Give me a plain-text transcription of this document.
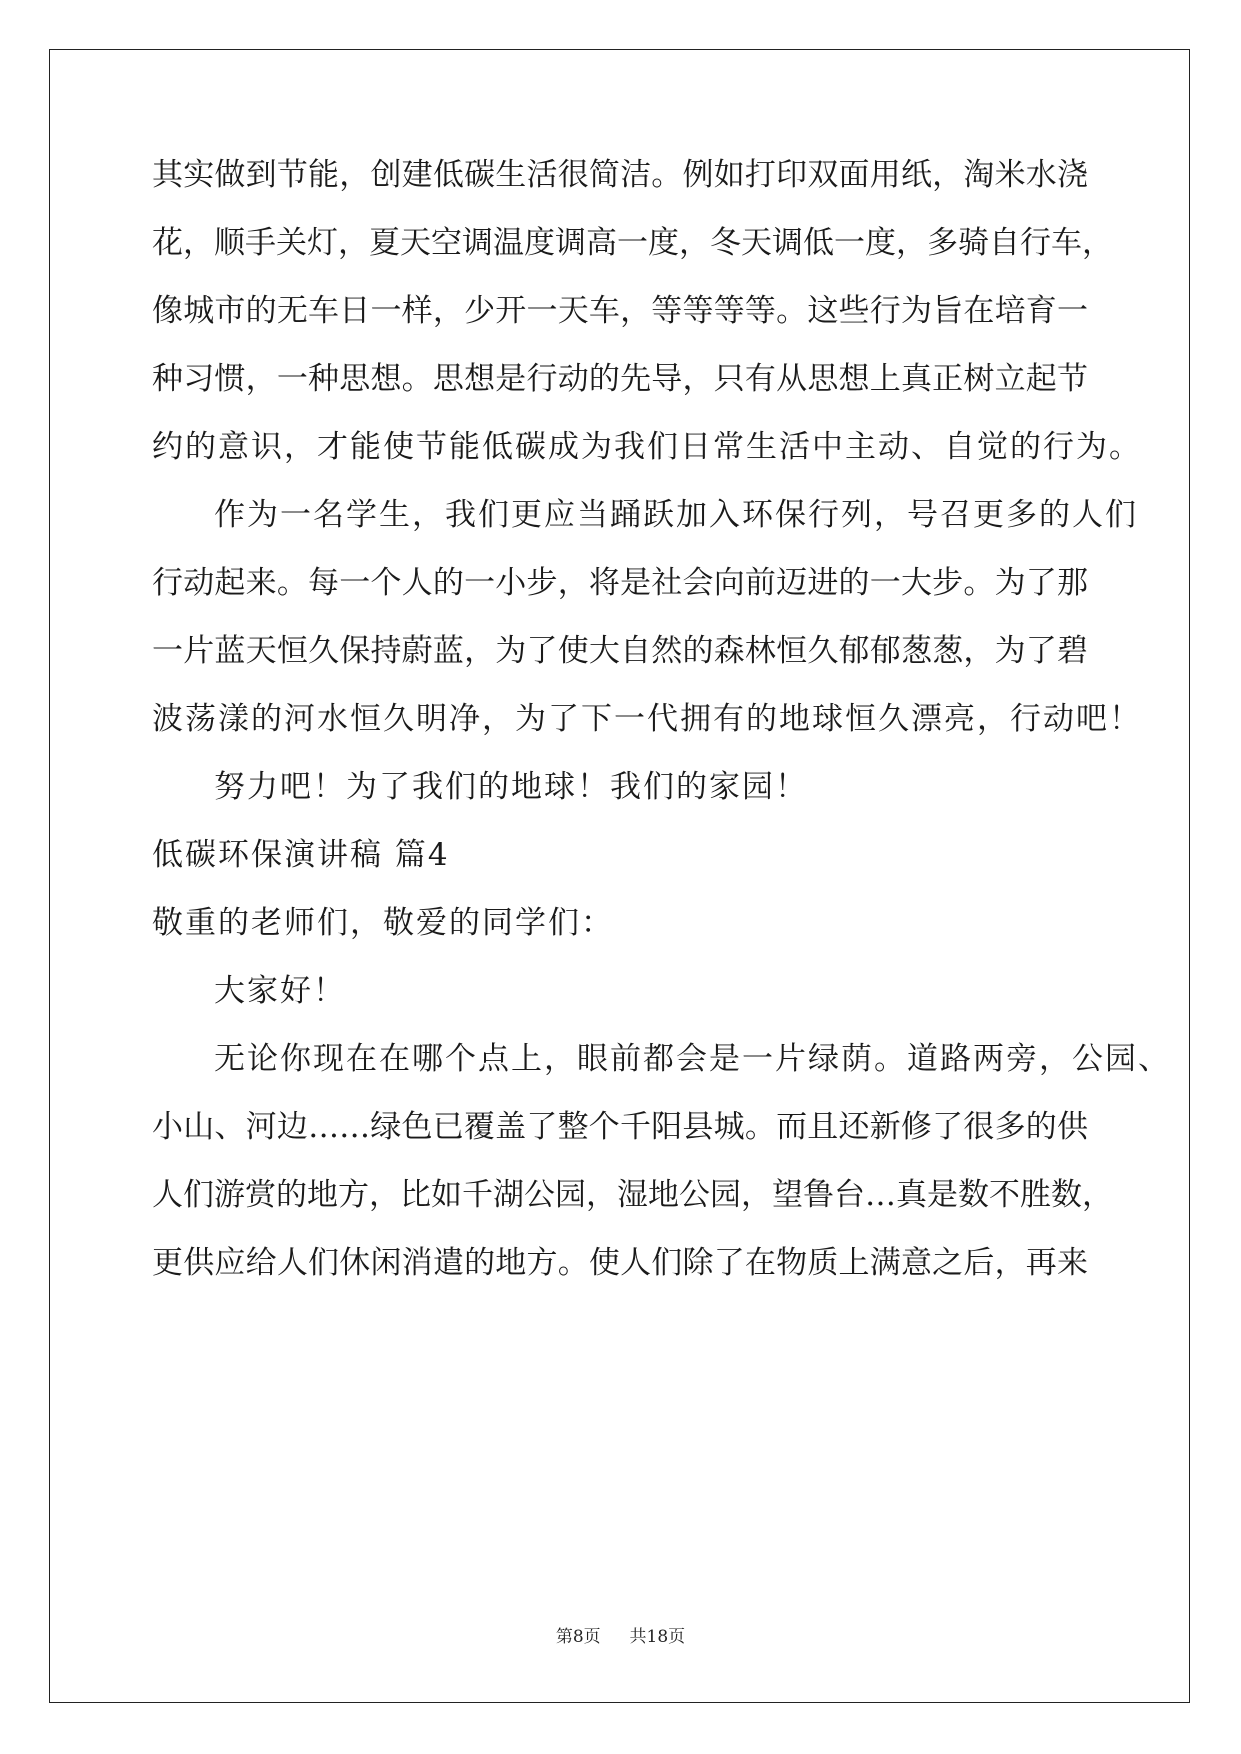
其实做到节能，创建低碳生活很简洁。例如打印双面用纸，淘米水浇
花，顺手关灯，夏天空调温度调高一度，冬天调低一度，多骑自行车，
像城市的无车日一样，少开一天车，等等等等。这些行为旨在培育一
种习惯，一种思想。思想是行动的先导，只有从思想上真正树立起节
约的意识，才能使节能低碳成为我们日常生活中主动、自觉的行为。
作为一名学生，我们更应当踊跃加入环保行列，号召更多的人们
行动起来。每一个人的一小步，将是社会向前迈进的一大步。为了那
一片蓝天恒久保持蔚蓝，为了使大自然的森林恒久郁郁葱葱，为了碧
波荡漾的河水恒久明净，为了下一代拥有的地球恒久漂亮，行动吧！
努力吧！为了我们的地球！我们的家园！
低碳环保演讲稿 篇4
敬重的老师们，敬爱的同学们：
大家好！
无论你现在在哪个点上，眼前都会是一片绿荫。道路两旁，公园、
小山、河边……绿色已覆盖了整个千阳县城。而且还新修了很多的供
人们游赏的地方，比如千湖公园，湿地公园，望鲁台…真是数不胜数，
更供应给人们休闲消遣的地方。使人们除了在物质上满意之后，再来
第8页 共18页
